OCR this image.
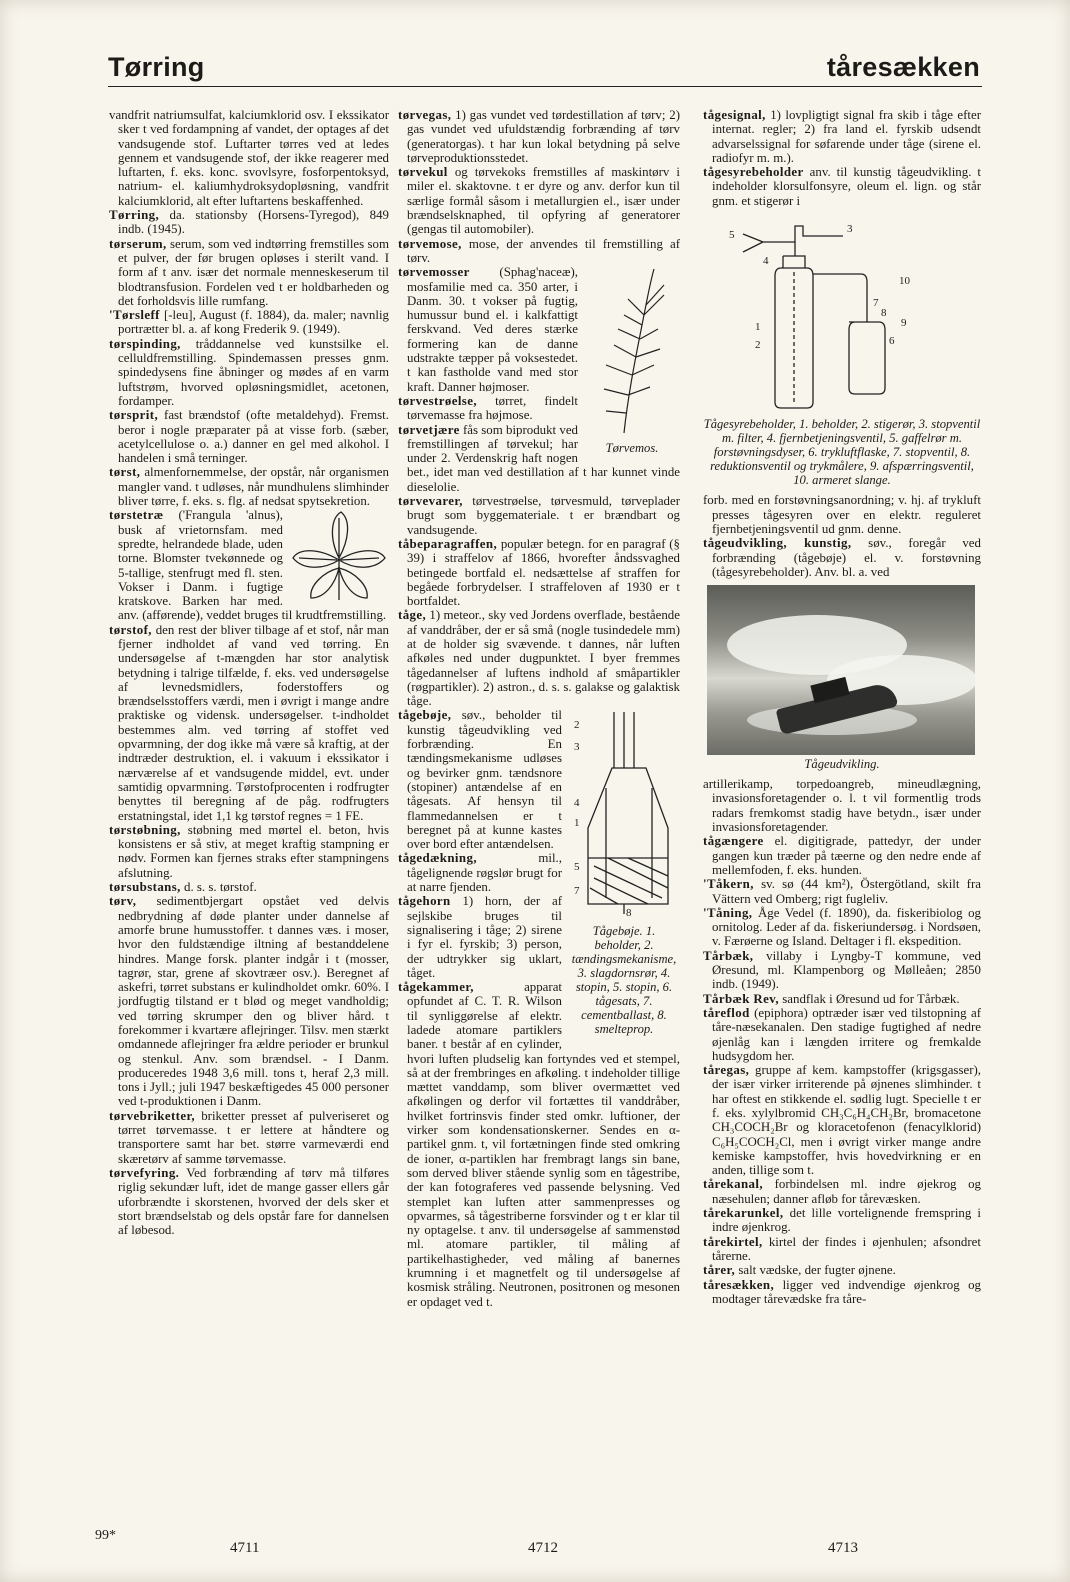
Tørring	tåresækken

vandfrit natriumsulfat, kalciumklorid osv. I ekssikator sker t ved fordampning af vandet, der optages af det vandsugende stof. Luftarter tørres ved at ledes gennem et vandsugende stof, der ikke reagerer med luftarten, f. eks. konc. svovlsyre, fosforpentoksyd, natrium- el. kaliumhydroksydopløsning, vandfrit kalciumklorid, alt efter luftartens beskaffenhed.

Tørring, da. stationsby (Horsens-Tyregod), 849 indb. (1945).

tørserum, serum, som ved indtørring fremstilles som et pulver, der før brugen opløses i sterilt vand. I form af t anv. især det normale menneskeserum til blodtransfusion. Fordelen ved t er holdbarheden og det forholdsvis lille rumfang.

'Tørsleff [-leu], August (f. 1884), da. maler; navnlig portrætter bl. a. af kong Frederik 9. (1949).

tørspinding, tråddannelse ved kunstsilke el. celluldfremstilling. Spindemassen presses gnm. spindedysens fine åbninger og mødes af en varm luftstrøm, hvorved opløsningsmidlet, acetonen, fordamper.

tørsprit, fast brændstof (ofte metaldehyd). Fremst. beror i nogle præparater på at visse forb. (sæber, acetylcellulose o. a.) danner en gel med alkohol. I handelen i små terninger.

tørst, almenfornemmelse, der opstår, når organismen mangler vand. t udløses, når mundhulens slimhinder bliver tørre, f. eks. s. flg. af nedsat spytsekretion.

tørstetræ ('Frangula 'alnus), busk af vrietornsfam. med spredte, helrandede blade, uden torne. Blomster tvekønnede og 5-tallige, stenfrugt med fl. sten. Vokser i Danm. i fugtige kratskove. Barken har med. anv. (afførende), veddet bruges til krudtfremstilling.

tørstof, den rest der bliver tilbage af et stof, når man fjerner indholdet af vand ved tørring. En undersøgelse af t-mængden har stor analytisk betydning i talrige tilfælde, f. eks. ved undersøgelse af levnedsmidlers, foderstoffers og brændselsstoffers værdi, men i øvrigt i mange andre praktiske og vidensk. undersøgelser. t-indholdet bestemmes alm. ved tørring af stoffet ved opvarmning, der dog ikke må være så kraftig, at der indtræder destruktion, el. i vakuum i ekssikator i nærværelse af et vandsugende middel, evt. under samtidig opvarmning. Tørstofprocenten i rodfrugter benyttes til beregning af de påg. rodfrugters erstatningstal, idet 1,1 kg tørstof regnes = 1 FE.

tørstøbning, støbning med mørtel el. beton, hvis konsistens er så stiv, at meget kraftig stampning er nødv. Formen kan fjernes straks efter stampningens afslutning.

tørsubstans, d. s. s. tørstof.

tørv, sedimentbjergart opstået ved delvis nedbrydning af døde planter under dannelse af amorfe brune humusstoffer. t dannes væs. i moser, hvor den fuldstændige iltning af bestanddelene hindres. Mange forsk. planter indgår i t (mosser, tagrør, star, grene af skovtræer osv.). Beregnet af askefri, tørret substans er kulindholdet omkr. 60%. I jordfugtig tilstand er t blød og meget vandholdig; ved tørring skrumper den og bliver hård. t forekommer i kvartære aflejringer. Tilsv. men stærkt omdannede aflejringer fra ældre perioder er brunkul og stenkul. Anv. som brændsel. - I Danm. produceredes 1948 3,6 mill. tons t, heraf 2,3 mill. tons i Jyll.; juli 1947 beskæftigedes 45 000 personer ved t-produktionen i Danm.

tørvebriketter, briketter presset af pulveriseret og tørret tørvemasse. t er lettere at håndtere og transportere samt har bet. større varmeværdi end skæretørv af samme tørvemasse.

tørvefyring. Ved forbrænding af tørv må tilføres riglig sekundær luft, idet de mange gasser ellers går uforbrændte i skorstenen, hvorved der dels sker et stort brændselstab og dels opstår fare for dannelsen af løbesod.

tørvegas, 1) gas vundet ved tørdestillation af tørv; 2) gas vundet ved ufuldstændig forbrænding af tørv (generatorgas). t har kun lokal betydning på selve tørveproduktionsstedet.

tørvekul og tørvekoks fremstilles af maskintørv i miler el. skaktovne. t er dyre og anv. derfor kun til særlige formål såsom i metallurgien el., især under brændselsknaphed, til opfyring af generatorer (gengas til automobiler).

tørvemose, mose, der anvendes til fremstilling af tørv.

Tørvemos.

tørvemosser (Sphag'naceæ), mosfamilie med ca. 350 arter, i Danm. 30. t vokser på fugtig, humussur bund el. i kalkfattigt ferskvand. Ved deres stærke formering kan de danne udstrakte tæpper på voksestedet. t kan fastholde vand med stor kraft. Danner højmoser.

tørvestrøelse, tørret, findelt tørvemasse fra højmose.

tørvetjære fås som biprodukt ved fremstillingen af tørvekul; har under 2. Verdenskrig haft nogen bet., idet man ved destillation af t har kunnet vinde dieselolie.

tørvevarer, tørvestrøelse, tørvesmuld, tørveplader brugt som byggemateriale. t er brændbart og vandsugende.

tåbeparagraffen, populær betegn. for en paragraf (§ 39) i straffelov af 1866, hvorefter åndssvaghed betingede bortfald el. nedsættelse af straffen for begåede forbrydelser. I straffeloven af 1930 er t bortfaldet.

tåge, 1) meteor., sky ved Jordens overflade, bestående af vanddråber, der er så små (nogle tusindedele mm) at de holder sig svævende. t dannes, når luften afkøles ned under dugpunktet. I byer fremmes tågedannelser af luftens indhold af småpartikler (røgpartikler). 2) astron., d. s. s. galakse og galaktisk tåge.

2
3
4
1
5
7
8
Tågebøje. 1. beholder, 2. tændingsmekanisme, 3. slagdornsrør, 4. stopin, 5. stopin, 6. tågesats, 7. cementballast, 8. smelteprop.

tågebøje, søv., beholder til kunstig tågeudvikling ved forbrænding. En tændingsmekanisme udløses og bevirker gnm. tændsnore (stopiner) antændelse af en tågesats. Af hensyn til flammedannelsen er t beregnet på at kunne kastes over bord efter antændelsen.

tågedækning,	mil., tågelignende røgslør brugt for at narre fjenden.

tågehorn 1) horn, der af sejlskibe bruges til signalisering i tåge; 2) sirene i fyr el. fyrskib; 3) person, der udtrykker sig uklart, tåget.

tågekammer,	apparat opfundet af C. T. R. Wilson til synliggørelse af elektr. ladede atomare partiklers baner. t består af en cylinder, hvori luften pludselig kan fortyndes ved et stempel, så at der frembringes en afkøling. t indeholder tillige mættet vanddamp, som bliver overmættet ved afkølingen og derfor vil fortættes til vanddråber, hvilket fortrinsvis finder sted omkr. luftioner, der virker som kondensationskerner. Sendes en α-partikel gnm. t, vil fortætningen finde sted omkring de ioner, α-partiklen har frembragt langs sin bane, som derved bliver stående synlig som en tågestribe, der kan fotograferes ved passende belysning. Ved stemplet kan luften atter sammenpresses og opvarmes, så tågestriberne forsvinder og t er klar til ny optagelse. t anv. til undersøgelse af sammenstød ml. atomare partikler, til måling af partikelhastigheder, ved måling af banernes krumning i et magnetfelt og til undersøgelse af kosmisk stråling. Neutronen, positronen og mesonen er opdaget ved t.

tågesignal, 1) lovpligtigt signal fra skib i tåge efter internat. regler; 2) fra land el. fyrskib udsendt advarselssignal for søfarende under tåge (sirene el. radiofyr m. m.).

tågesyrebeholder anv. til kunstig tågeudvikling. t indeholder klorsulfonsyre, oleum el. lign. og står gnm. et stigerør i

5
4
3
10
7
9
1
2	6
8
Tågesyrebeholder, 1. beholder, 2. stigerør, 3. stopventil m. filter, 4. fjernbetjeningsventil, 5. gaffelrør m. forstøvningsdyser, 6. trykluftflaske, 7. stopventil, 8. reduktionsventil og trykmålere, 9. afspærringsventil, 10. armeret slange.

forb. med en forstøvningsanordning; v. hj. af trykluft presses tågesyren over en elektr. reguleret fjernbetjeningsventil ud gnm. denne.

tågeudvikling, kunstig, søv., foregår ved forbrænding (tågebøje) el. v. forstøvning (tågesyrebeholder). Anv. bl. a. ved

Tågeudvikling.

artillerikamp, torpedoangreb, mineudlægning, invasionsforetagender o. l. t vil formentlig trods radars fremkomst stadig have betydn., især under invasionsforetagender.

tågængere el. digitigrade, pattedyr, der under gangen kun træder på tæerne og den nedre ende af mellemfoden, f. eks. hunden.

'Tåkern, sv. sø (44 km²), Östergötland, skilt fra Vättern ved Omberg; rigt fugleliv.

'Tåning, Åge Vedel (f. 1890), da. fiskeribiolog og ornitolog. Leder af da. fiskeriundersøg. i Nordsøen, v. Færøerne og Island. Deltager i fl. ekspedition.

Tårbæk, villaby i Lyngby-T kommune, ved Øresund, ml. Klampenborg og Mølleåen; 2850 indb. (1949).

Tårbæk Rev, sandflak i Øresund ud for Tårbæk.

tåreflod (epiphora) optræder især ved tilstopning af tåre-næsekanalen. Den stadige fugtighed af nedre øjenlåg kan i længden irritere og fremkalde hudsygdom her.

tåregas, gruppe af kem. kampstoffer (krigsgasser), der især virker irriterende på øjnenes slimhinder. t har oftest en stikkende el. sødlig lugt. Specielle t er f. eks. xylylbromid CH₃C₆H₄CH₂Br, bromacetone CH₃COCH₂Br og kloracetofenon (fenacylklorid) C₆H₅COCH₂Cl, men i øvrigt virker mange andre kemiske kampstoffer, hvis hovedvirkning er en anden, tillige som t.

tårekanal, forbindelsen ml. indre øjekrog og næsehulen; danner afløb for tårevæsken.

tårekarunkel, det lille vortelignende fremspring i indre øjenkrog.

tårekirtel, kirtel der findes i øjenhulen; afsondret tårerne.

tårer, salt vædske, der fugter øjnene.

tåresækken, ligger ved indvendige øjenkrog og modtager tårevædske fra tåre-

99*
4711	4712	4713
